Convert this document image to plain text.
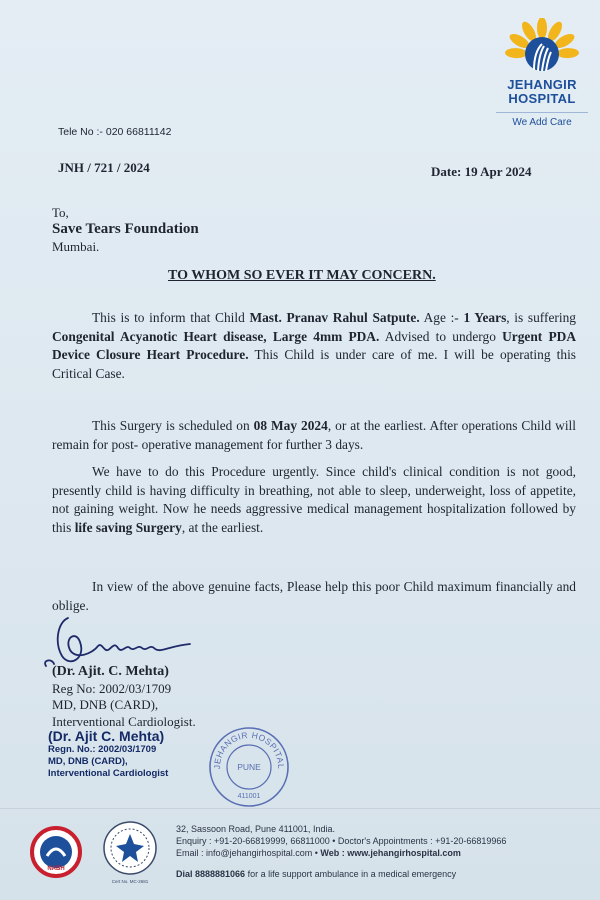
JEHANGIR
HOSPITAL
We Add Care
Tele No :- 020 66811142
JNH / 721 / 2024	Date: 19 Apr 2024
To,
Save Tears Foundation
Mumbai.
TO WHOM SO EVER IT MAY CONCERN.
This is to inform that Child Mast. Pranav Rahul Satpute. Age :- 1 Years, is suffering Congenital Acyanotic Heart disease, Large 4mm PDA. Advised to undergo Urgent PDA Device Closure Heart Procedure. This Child is under care of me. I will be operating this Critical Case.
This Surgery is scheduled on 08 May 2024, or at the earliest. After operations Child will remain for post- operative management for further 3 days.
We have to do this Procedure urgently. Since child's clinical condition is not good, presently child is having difficulty in breathing, not able to sleep, underweight, loss of appetite, not gaining weight. Now he needs aggressive medical management hospitalization followed by this life saving Surgery, at the earliest.
In view of the above genuine facts, Please help this poor Child maximum financially and oblige.
(Dr. Ajit. C. Mehta)
Reg No: 2002/03/1709
MD, DNB (CARD),
Interventional Cardiologist.
(Dr. Ajit C. Mehta)
Regn. No.: 2002/03/1709
MD, DNB (CARD),
Interventional Cardiologist
JEHANGIR HOSPITAL
PUNE
411001
NABH
Cert No. MC-2681
32, Sassoon Road, Pune 411001, India.
Enquiry : +91-20-66819999, 66811000 • Doctor's Appointments : +91-20-66819966
Email : info@jehangirhospital.com • Web : www.jehangirhospital.com
Dial 8888881066 for a life support ambulance in a medical emergency
